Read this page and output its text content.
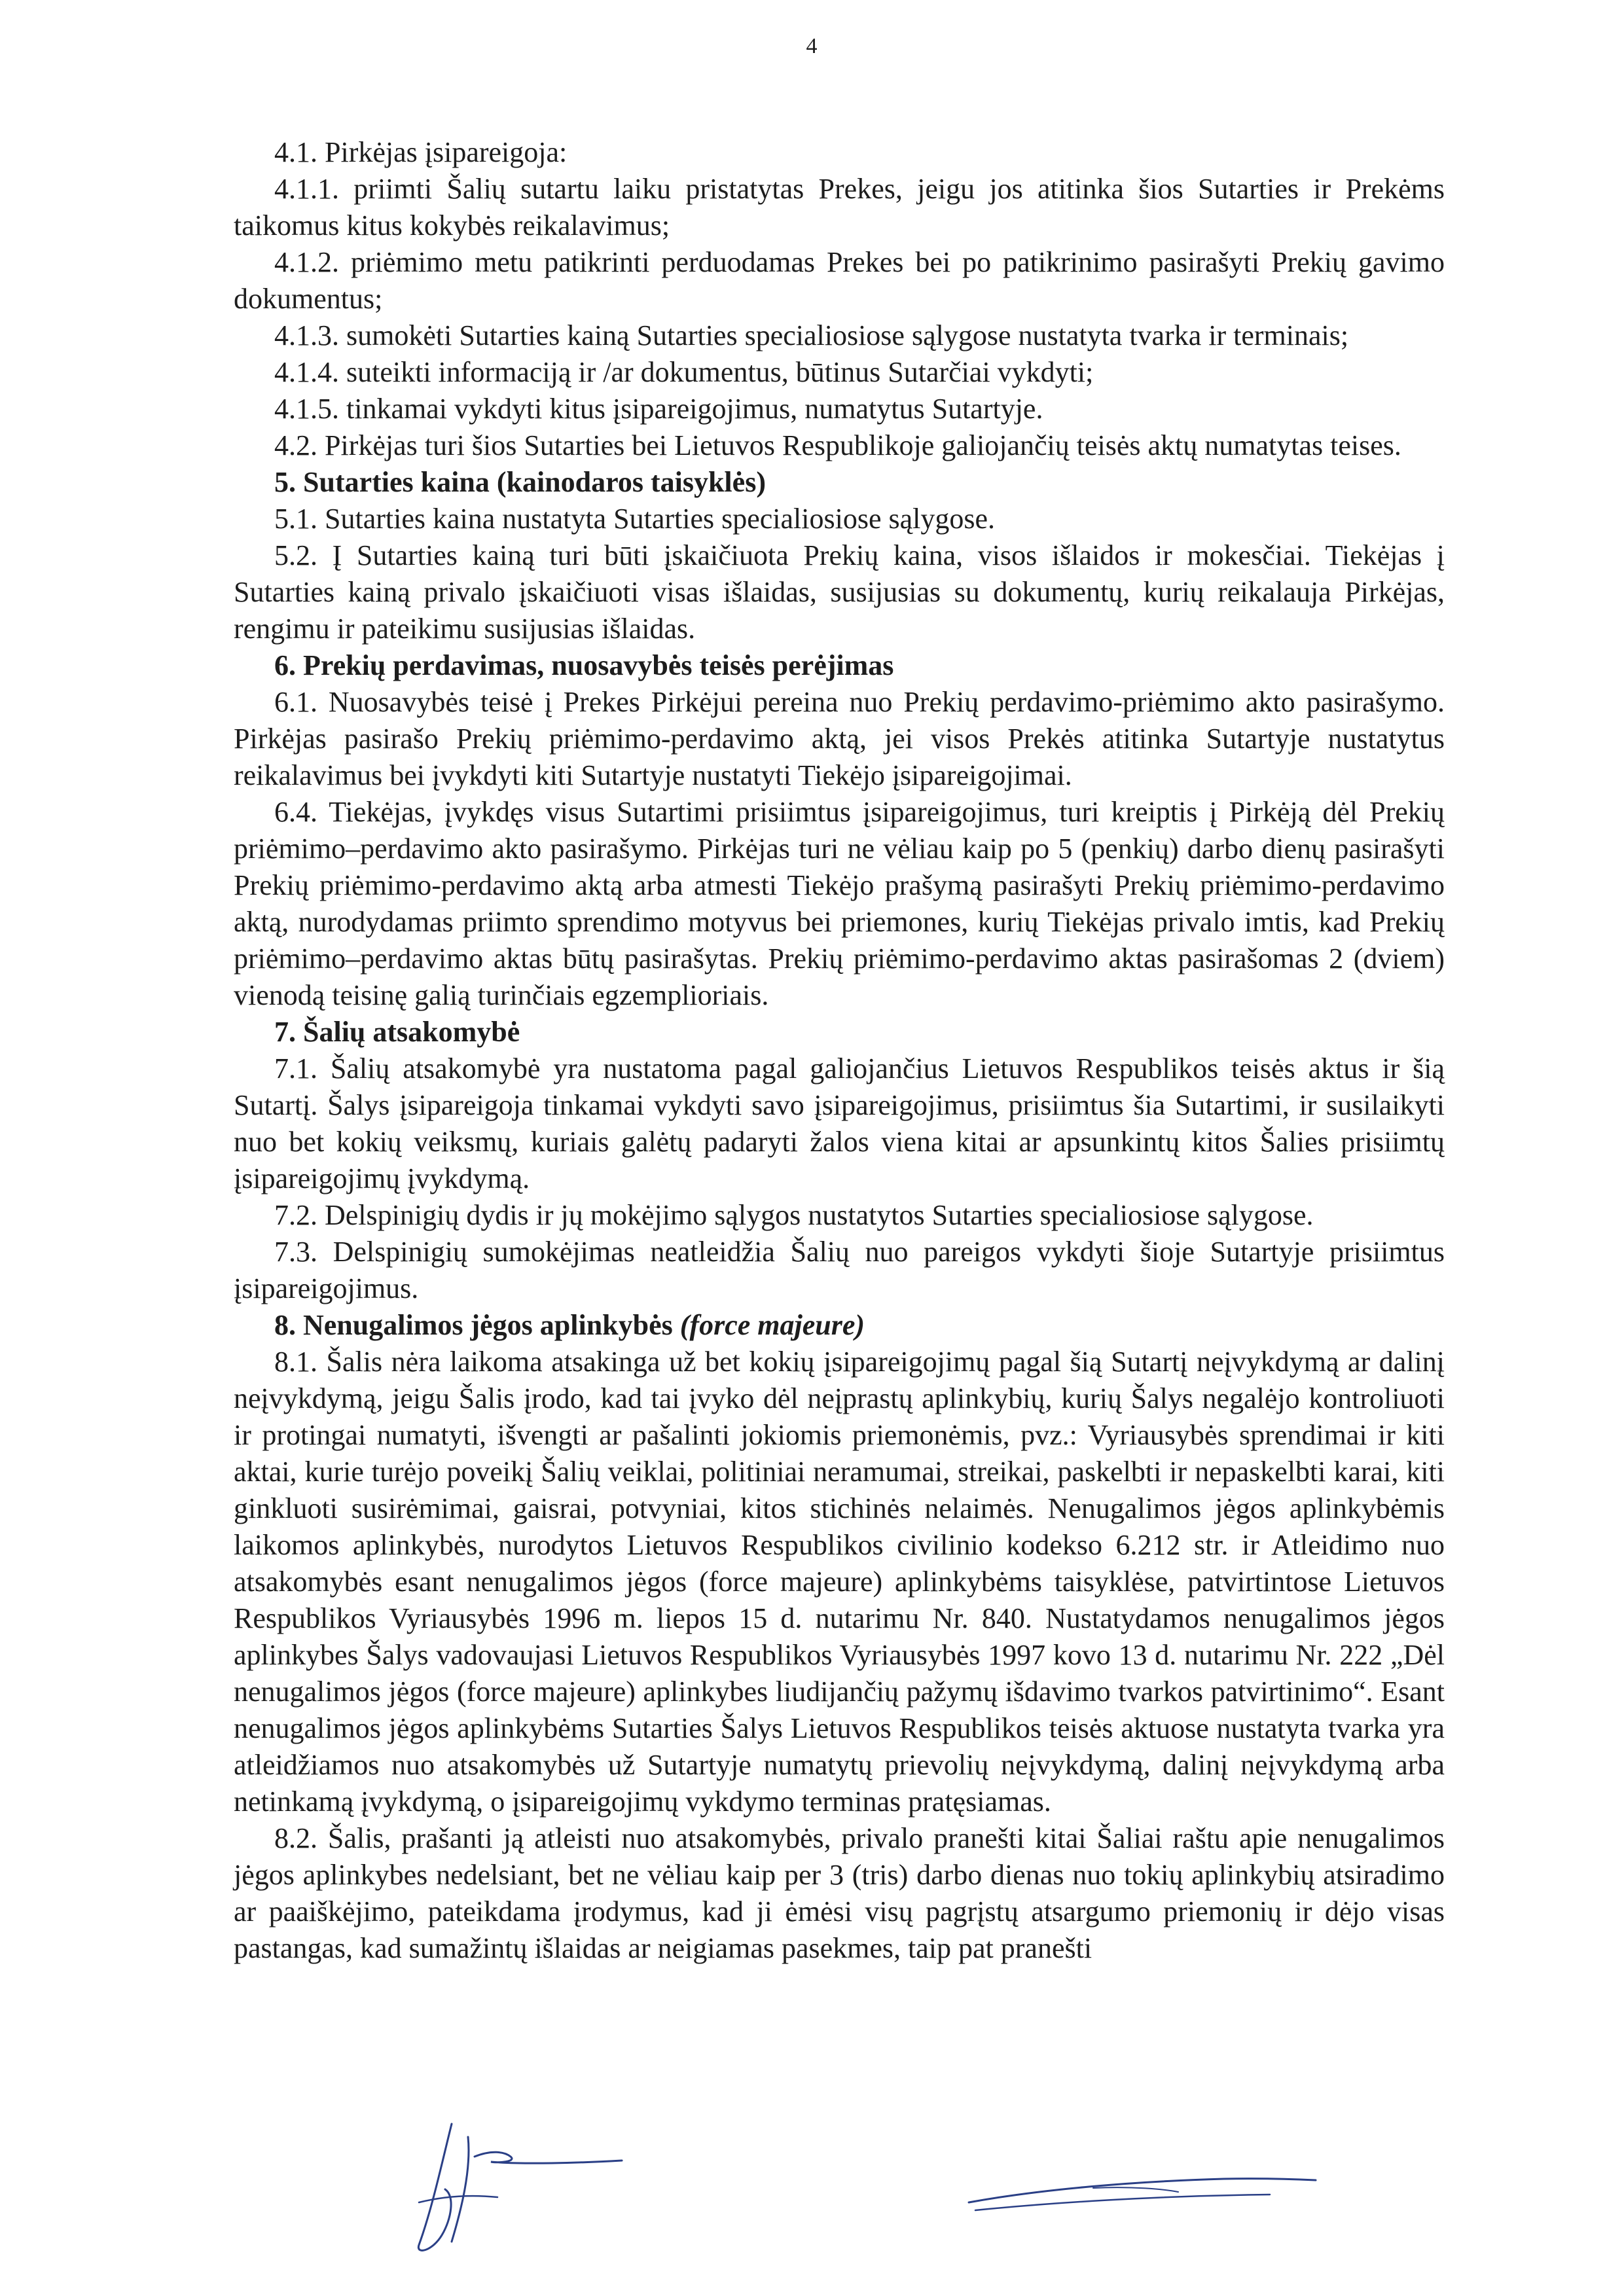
4

4.1. Pirkėjas įsipareigoja:

4.1.1. priimti Šalių sutartu laiku pristatytas Prekes, jeigu jos atitinka šios Sutarties ir Prekėms taikomus kitus kokybės reikalavimus;

4.1.2. priėmimo metu patikrinti perduodamas Prekes bei po patikrinimo pasirašyti Prekių gavimo dokumentus;

4.1.3. sumokėti Sutarties kainą Sutarties specialiosiose sąlygose nustatyta tvarka ir terminais;

4.1.4. suteikti informaciją ir /ar dokumentus, būtinus Sutarčiai vykdyti;

4.1.5. tinkamai vykdyti kitus įsipareigojimus, numatytus Sutartyje.

4.2. Pirkėjas turi šios Sutarties bei Lietuvos Respublikoje galiojančių teisės aktų numatytas teises.

5. Sutarties kaina (kainodaros taisyklės)

5.1. Sutarties kaina nustatyta Sutarties specialiosiose sąlygose.

5.2. Į Sutarties kainą turi būti įskaičiuota Prekių kaina, visos išlaidos ir mokesčiai. Tiekėjas į Sutarties kainą privalo įskaičiuoti visas išlaidas, susijusias su dokumentų, kurių reikalauja Pirkėjas, rengimu ir pateikimu susijusias išlaidas.

6. Prekių perdavimas, nuosavybės teisės perėjimas

6.1. Nuosavybės teisė į Prekes Pirkėjui pereina nuo Prekių perdavimo-priėmimo akto pasirašymo. Pirkėjas pasirašo Prekių priėmimo-perdavimo aktą, jei visos Prekės atitinka Sutartyje nustatytus reikalavimus bei įvykdyti kiti Sutartyje nustatyti Tiekėjo įsipareigojimai.

6.4. Tiekėjas, įvykdęs visus Sutartimi prisiimtus įsipareigojimus, turi kreiptis į Pirkėją dėl Prekių priėmimo–perdavimo akto pasirašymo. Pirkėjas turi ne vėliau kaip po 5 (penkių) darbo dienų pasirašyti Prekių priėmimo-perdavimo aktą arba atmesti Tiekėjo prašymą pasirašyti Prekių priėmimo-perdavimo aktą, nurodydamas priimto sprendimo motyvus bei priemones, kurių Tiekėjas privalo imtis, kad Prekių priėmimo–perdavimo aktas būtų pasirašytas. Prekių priėmimo-perdavimo aktas pasirašomas 2 (dviem) vienodą teisinę galią turinčiais egzemplioriais.

7. Šalių atsakomybė

7.1. Šalių atsakomybė yra nustatoma pagal galiojančius Lietuvos Respublikos teisės aktus ir šią Sutartį. Šalys įsipareigoja tinkamai vykdyti savo įsipareigojimus, prisiimtus šia Sutartimi, ir susilaikyti nuo bet kokių veiksmų, kuriais galėtų padaryti žalos viena kitai ar apsunkintų kitos Šalies prisiimtų įsipareigojimų įvykdymą.

7.2. Delspinigių dydis ir jų mokėjimo sąlygos nustatytos Sutarties specialiosiose sąlygose.

7.3. Delspinigių sumokėjimas neatleidžia Šalių nuo pareigos vykdyti šioje Sutartyje prisiimtus įsipareigojimus.

8. Nenugalimos jėgos aplinkybės (force majeure)

8.1. Šalis nėra laikoma atsakinga už bet kokių įsipareigojimų pagal šią Sutartį neįvykdymą ar dalinį neįvykdymą, jeigu Šalis įrodo, kad tai įvyko dėl neįprastų aplinkybių, kurių Šalys negalėjo kontroliuoti ir protingai numatyti, išvengti ar pašalinti jokiomis priemonėmis, pvz.: Vyriausybės sprendimai ir kiti aktai, kurie turėjo poveikį Šalių veiklai, politiniai neramumai, streikai, paskelbti ir nepaskelbti karai, kiti ginkluoti susirėmimai, gaisrai, potvyniai, kitos stichinės nelaimės. Nenugalimos jėgos aplinkybėmis laikomos aplinkybės, nurodytos Lietuvos Respublikos civilinio kodekso 6.212 str. ir Atleidimo nuo atsakomybės esant nenugalimos jėgos (force majeure) aplinkybėms taisyklėse, patvirtintose Lietuvos Respublikos Vyriausybės 1996 m. liepos 15 d. nutarimu Nr. 840. Nustatydamos nenugalimos jėgos aplinkybes Šalys vadovaujasi Lietuvos Respublikos Vyriausybės 1997 kovo 13 d. nutarimu Nr. 222 „Dėl nenugalimos jėgos (force majeure) aplinkybes liudijančių pažymų išdavimo tvarkos patvirtinimo“. Esant nenugalimos jėgos aplinkybėms Sutarties Šalys Lietuvos Respublikos teisės aktuose nustatyta tvarka yra atleidžiamos nuo atsakomybės už Sutartyje numatytų prievolių neįvykdymą, dalinį neįvykdymą arba netinkamą įvykdymą, o įsipareigojimų vykdymo terminas pratęsiamas.

8.2. Šalis, prašanti ją atleisti nuo atsakomybės, privalo pranešti kitai Šaliai raštu apie nenugalimos jėgos aplinkybes nedelsiant, bet ne vėliau kaip per 3 (tris) darbo dienas nuo tokių aplinkybių atsiradimo ar paaiškėjimo, pateikdama įrodymus, kad ji ėmėsi visų pagrįstų atsargumo priemonių ir dėjo visas pastangas, kad sumažintų išlaidas ar neigiamas pasekmes, taip pat pranešti
